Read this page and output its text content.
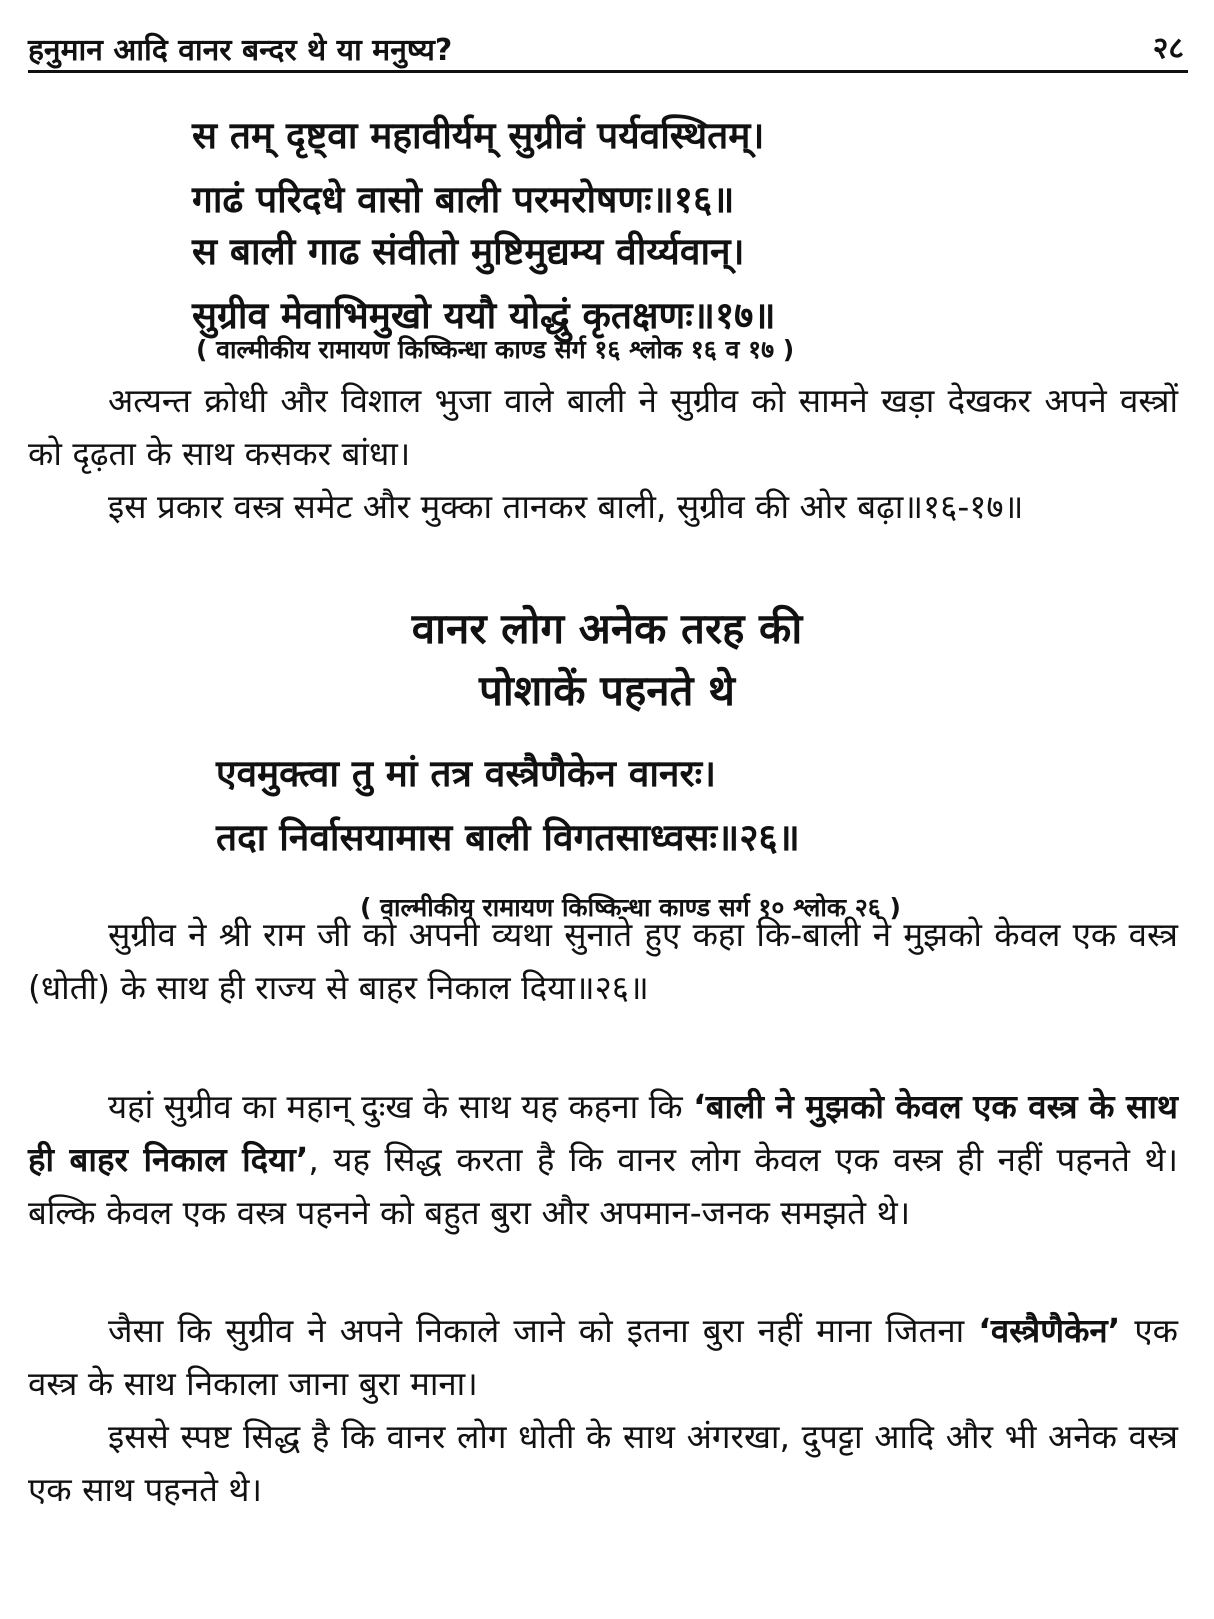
हनुमान आदि वानर बन्दर थे या मनुष्य?	२८
स तम् दृष्ट्वा महावीर्यम् सुग्रीवं पर्यवस्थितम्।
गाढं परिदधे वासो बाली परमरोषणः॥१६॥
स बाली गाढ संवीतो मुष्टिमुद्यम्य वीर्य्यवान्।
सुग्रीव मेवाभिमुखो ययौ योद्धुं कृतक्षणः॥१७॥
( वाल्मीकीय रामायण किष्किन्धा काण्ड सर्ग १६ श्लोक १६ व १७ )

अत्यन्त क्रोधी और विशाल भुजा वाले बाली ने सुग्रीव को सामने खड़ा देखकर अपने वस्त्रों को दृढ़ता के साथ कसकर बांधा।

इस प्रकार वस्त्र समेट और मुक्का तानकर बाली, सुग्रीव की ओर बढ़ा॥१६-१७॥

वानर लोग अनेक तरह की
पोशाकें पहनते थे
एवमुक्त्वा तु मां तत्र वस्त्रैणैकेन वानरः।
तदा निर्वासयामास बाली विगतसाध्वसः॥२६॥
( वाल्मीकीय रामायण किष्किन्धा काण्ड सर्ग १० श्लोक २६ )

सुग्रीव ने श्री राम जी को अपनी व्यथा सुनाते हुए कहा कि-बाली ने मुझको केवल एक वस्त्र (धोती) के साथ ही राज्य से बाहर निकाल दिया॥२६॥

यहां सुग्रीव का महान् दुःख के साथ यह कहना कि ‘बाली ने मुझको केवल एक वस्त्र के साथ ही बाहर निकाल दिया’, यह सिद्ध करता है कि वानर लोग केवल एक वस्त्र ही नहीं पहनते थे। बल्कि केवल एक वस्त्र पहनने को बहुत बुरा और अपमान-जनक समझते थे।

जैसा कि सुग्रीव ने अपने निकाले जाने को इतना बुरा नहीं माना जितना ‘वस्त्रैणैकेन’ एक वस्त्र के साथ निकाला जाना बुरा माना।

इससे स्पष्ट सिद्ध है कि वानर लोग धोती के साथ अंगरखा, दुपट्टा आदि और भी अनेक वस्त्र एक साथ पहनते थे।
